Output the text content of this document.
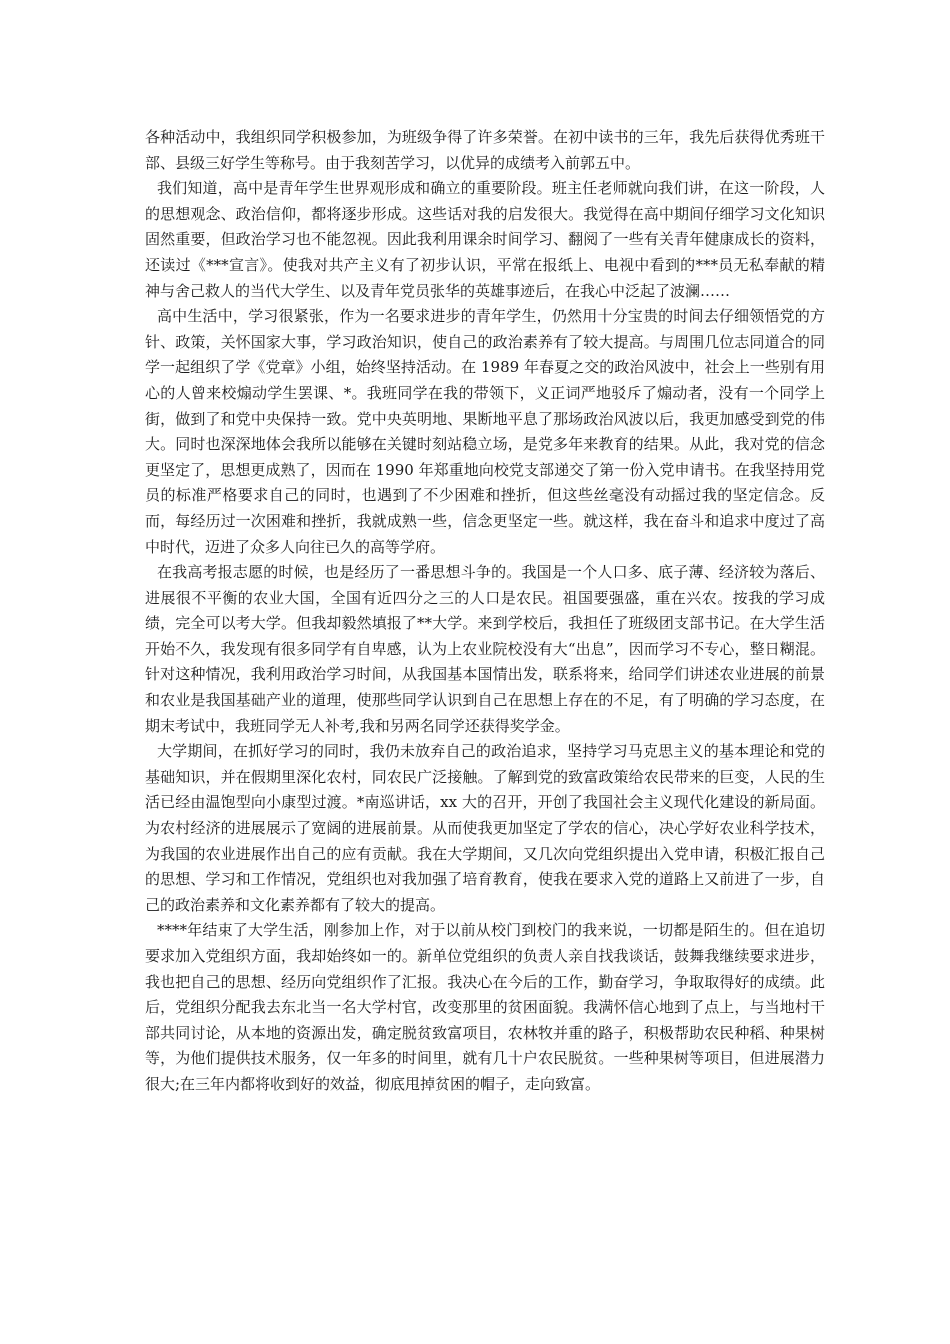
各种活动中，我组织同学积极参加，为班级争得了许多荣誉。在初中读书的三年，我先后获得优秀班干部、县级三好学生等称号。由于我刻苦学习，以优异的成绩考入前郭五中。

我们知道，高中是青年学生世界观形成和确立的重要阶段。班主任老师就向我们讲，在这一阶段，人的思想观念、政治信仰，都将逐步形成。这些话对我的启发很大。我觉得在高中期间仔细学习文化知识固然重要，但政治学习也不能忽视。因此我利用课余时间学习、翻阅了一些有关青年健康成长的资料，还读过《***宣言》。使我对共产主义有了初步认识，平常在报纸上、电视中看到的***员无私奉献的精神与舍己救人的当代大学生、以及青年党员张华的英雄事迹后，在我心中泛起了波澜……

高中生活中，学习很紧张，作为一名要求进步的青年学生，仍然用十分宝贵的时间去仔细领悟党的方针、政策，关怀国家大事，学习政治知识，使自己的政治素养有了较大提高。与周围几位志同道合的同学一起组织了学《党章》小组，始终坚持活动。在 1989 年春夏之交的政治风波中，社会上一些别有用心的人曾来校煽动学生罢课、*。我班同学在我的带领下，义正词严地驳斥了煽动者，没有一个同学上街，做到了和党中央保持一致。党中央英明地、果断地平息了那场政治风波以后，我更加感受到党的伟大。同时也深深地体会我所以能够在关键时刻站稳立场，是党多年来教育的结果。从此，我对党的信念更坚定了，思想更成熟了，因而在 1990 年郑重地向校党支部递交了第一份入党申请书。在我坚持用党员的标准严格要求自己的同时，也遇到了不少困难和挫折，但这些丝毫没有动摇过我的坚定信念。反而，每经历过一次困难和挫折，我就成熟一些，信念更坚定一些。就这样，我在奋斗和追求中度过了高中时代，迈进了众多人向往已久的高等学府。

在我高考报志愿的时候，也是经历了一番思想斗争的。我国是一个人口多、底子薄、经济较为落后、进展很不平衡的农业大国，全国有近四分之三的人口是农民。祖国要强盛，重在兴农。按我的学习成绩，完全可以考大学。但我却毅然填报了**大学。来到学校后，我担任了班级团支部书记。在大学生活开始不久，我发现有很多同学有自卑感，认为上农业院校没有大“出息”，因而学习不专心，整日糊混。针对这种情况，我利用政治学习时间，从我国基本国情出发，联系将来，给同学们讲述农业进展的前景和农业是我国基础产业的道理，使那些同学认识到自己在思想上存在的不足，有了明确的学习态度，在期末考试中，我班同学无人补考,我和另两名同学还获得奖学金。

大学期间，在抓好学习的同时，我仍未放弃自己的政治追求，坚持学习马克思主义的基本理论和党的基础知识，并在假期里深化农村，同农民广泛接触。了解到党的致富政策给农民带来的巨变，人民的生活已经由温饱型向小康型过渡。*南巡讲话，xx 大的召开，开创了我国社会主义现代化建设的新局面。为农村经济的进展展示了宽阔的进展前景。从而使我更加坚定了学农的信心，决心学好农业科学技术，为我国的农业进展作出自己的应有贡献。我在大学期间，又几次向党组织提出入党申请，积极汇报自己的思想、学习和工作情况，党组织也对我加强了培育教育，使我在要求入党的道路上又前进了一步，自己的政治素养和文化素养都有了较大的提高。

****年结束了大学生活，刚参加上作，对于以前从校门到校门的我来说，一切都是陌生的。但在追切要求加入党组织方面，我却始终如一的。新单位党组织的负责人亲自找我谈话，鼓舞我继续要求进步，我也把自己的思想、经历向党组织作了汇报。我决心在今后的工作，勤奋学习，争取取得好的成绩。此后，党组织分配我去东北当一名大学村官，改变那里的贫困面貌。我满怀信心地到了点上，与当地村干部共同讨论，从本地的资源出发，确定脱贫致富项目，农林牧并重的路子，积极帮助农民种稻、种果树等，为他们提供技术服务，仅一年多的时间里，就有几十户农民脱贫。一些种果树等项目，但进展潜力很大;在三年内都将收到好的效益，彻底甩掉贫困的帽子，走向致富。
